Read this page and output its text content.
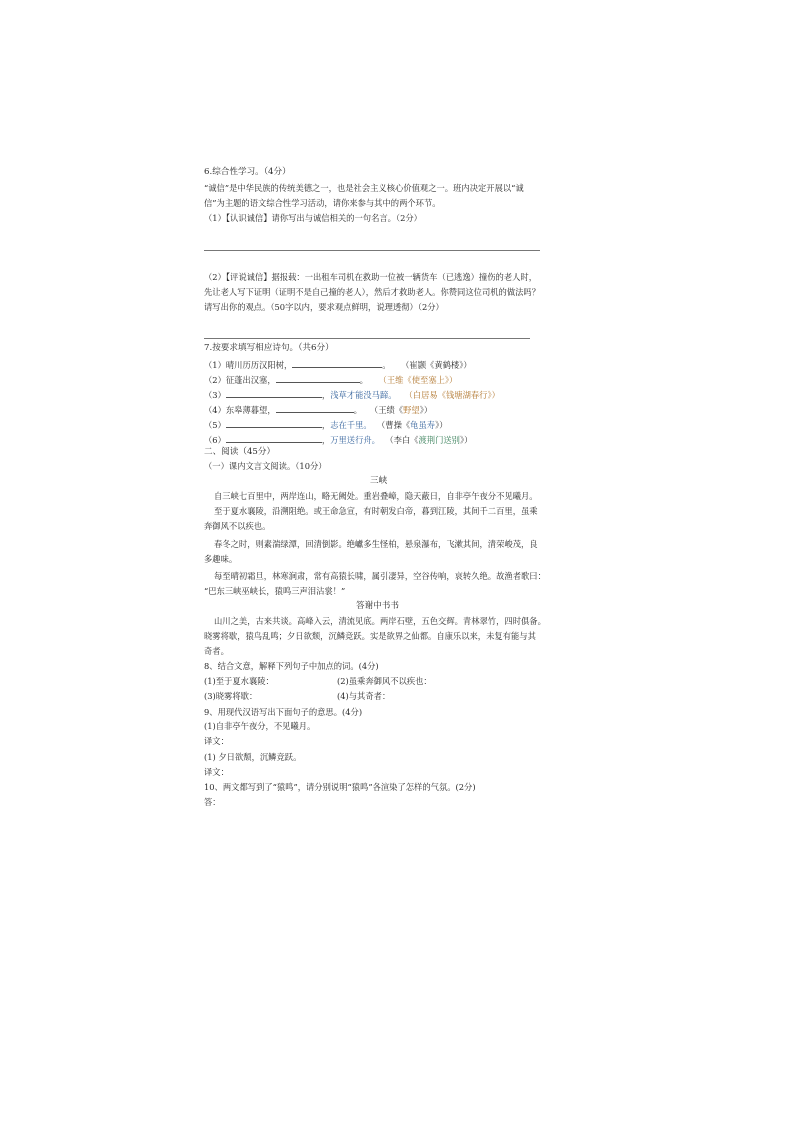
6.综合性学习。（4分）
“诚信”是中华民族的传统美德之一，也是社会主义核心价值观之一。班内决定开展以“诚
信”为主题的语文综合性学习活动，请你来参与其中的两个环节。
（1）【认识诚信】请你写出与诚信相关的一句名言。（2分）
（2）【评说诚信】据报载：一出租车司机在救助一位被一辆货车（已逃逸）撞伤的老人时，
先让老人写下证明（证明不是自己撞的老人），然后才救助老人。你赞同这位司机的做法吗？
请写出你的观点。（50字以内，要求观点鲜明，说理透彻）（2分）
7.按要求填写相应诗句。（共6分）
（1）晴川历历汉阳树，	。 （崔颢《黄鹤楼》）
（2）征蓬出汉塞，	。 （王维《使至塞上》）
（3）	，浅草才能没马蹄。 （白居易《钱塘湖春行》）
（4）东皋薄暮望，	。 （王绩《野望》）
（5）	，志在千里。 （曹操《龟虽寿》）
（6）	，万里送行舟。 （李白《渡荆门送别》）
二、阅读（45分）
（一）课内文言文阅读。（10分）
三峡
自三峡七百里中，两岸连山，略无阙处。重岩叠嶂，隐天蔽日，自非亭午夜分不见曦月。
至于夏水襄陵，沿溯阻绝。或王命急宣，有时朝发白帝，暮到江陵，其间千二百里，虽乘
奔御风不以疾也。
春冬之时，则素湍绿潭，回清倒影。绝巘多生怪柏，悬泉瀑布，飞漱其间，清荣峻茂，良
多趣味。
每至晴初霜旦，林寒涧肃，常有高猿长啸，属引凄异，空谷传响，哀转久绝。故渔者歌曰：
“巴东三峡巫峡长，猿鸣三声泪沾裳！”
答谢中书书
山川之美，古来共谈。高峰入云，清流见底。两岸石壁，五色交辉。青林翠竹，四时俱备。
晓雾将歇，猿鸟乱鸣；夕日欲颓，沉鳞竞跃。实是欲界之仙都。自康乐以来，未复有能与其
奇者。
8、结合文意，解释下列句子中加点的词。(4分)
(1)至于夏水襄陵：	(2)虽乘奔御风不以疾也：
(3)晓雾将歇：	(4)与其奇者：
9、用现代汉语写出下面句子的意思。(4分)
(1)自非亭午夜分，不见曦月。
译文：
(1) 夕日欲颓，沉鳞竞跃。
译文：
10、两文都写到了“猿鸣”，请分别说明“猿鸣”各渲染了怎样的气氛。(2分)
答：
